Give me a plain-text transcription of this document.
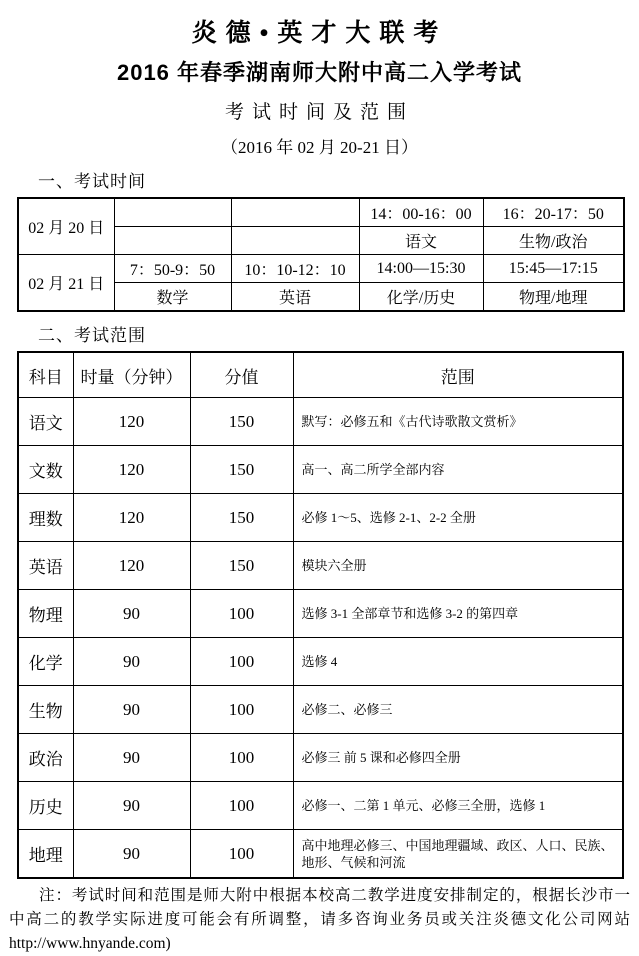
炎德•英才大联考
2016 年春季湖南师大附中高二入学考试
考试时间及范围
（2016 年 02 月 20-21 日）
一、考试时间
02 月 20 日			14：00-16：00	16：20-17：50
			语文	生物/政治
02 月 21 日	7：50-9：50	10：10-12：10	14:00—15:30	15:45—17:15
	数学	英语	化学/历史	物理/地理
二、考试范围
科目	时量（分钟）	分值	范围
语文	120	150	默写：必修五和《古代诗歌散文赏析》
文数	120	150	高一、高二所学全部内容
理数	120	150	必修 1～5、选修 2-1、2-2 全册
英语	120	150	模块六全册
物理	90	100	选修 3-1 全部章节和选修 3-2 的第四章
化学	90	100	选修 4
生物	90	100	必修二、必修三
政治	90	100	必修三 前 5 课和必修四全册
历史	90	100	必修一、二第 1 单元、必修三全册，选修 1
地理	90	100	高中地理必修三、中国地理疆域、政区、人口、民族、地形、气候和河流
注：考试时间和范围是师大附中根据本校高二教学进度安排制定的，根据长沙市一
中高二的教学实际进度可能会有所调整，请多咨询业务员或关注炎德文化公司网站
http://www.hnyande.com)
